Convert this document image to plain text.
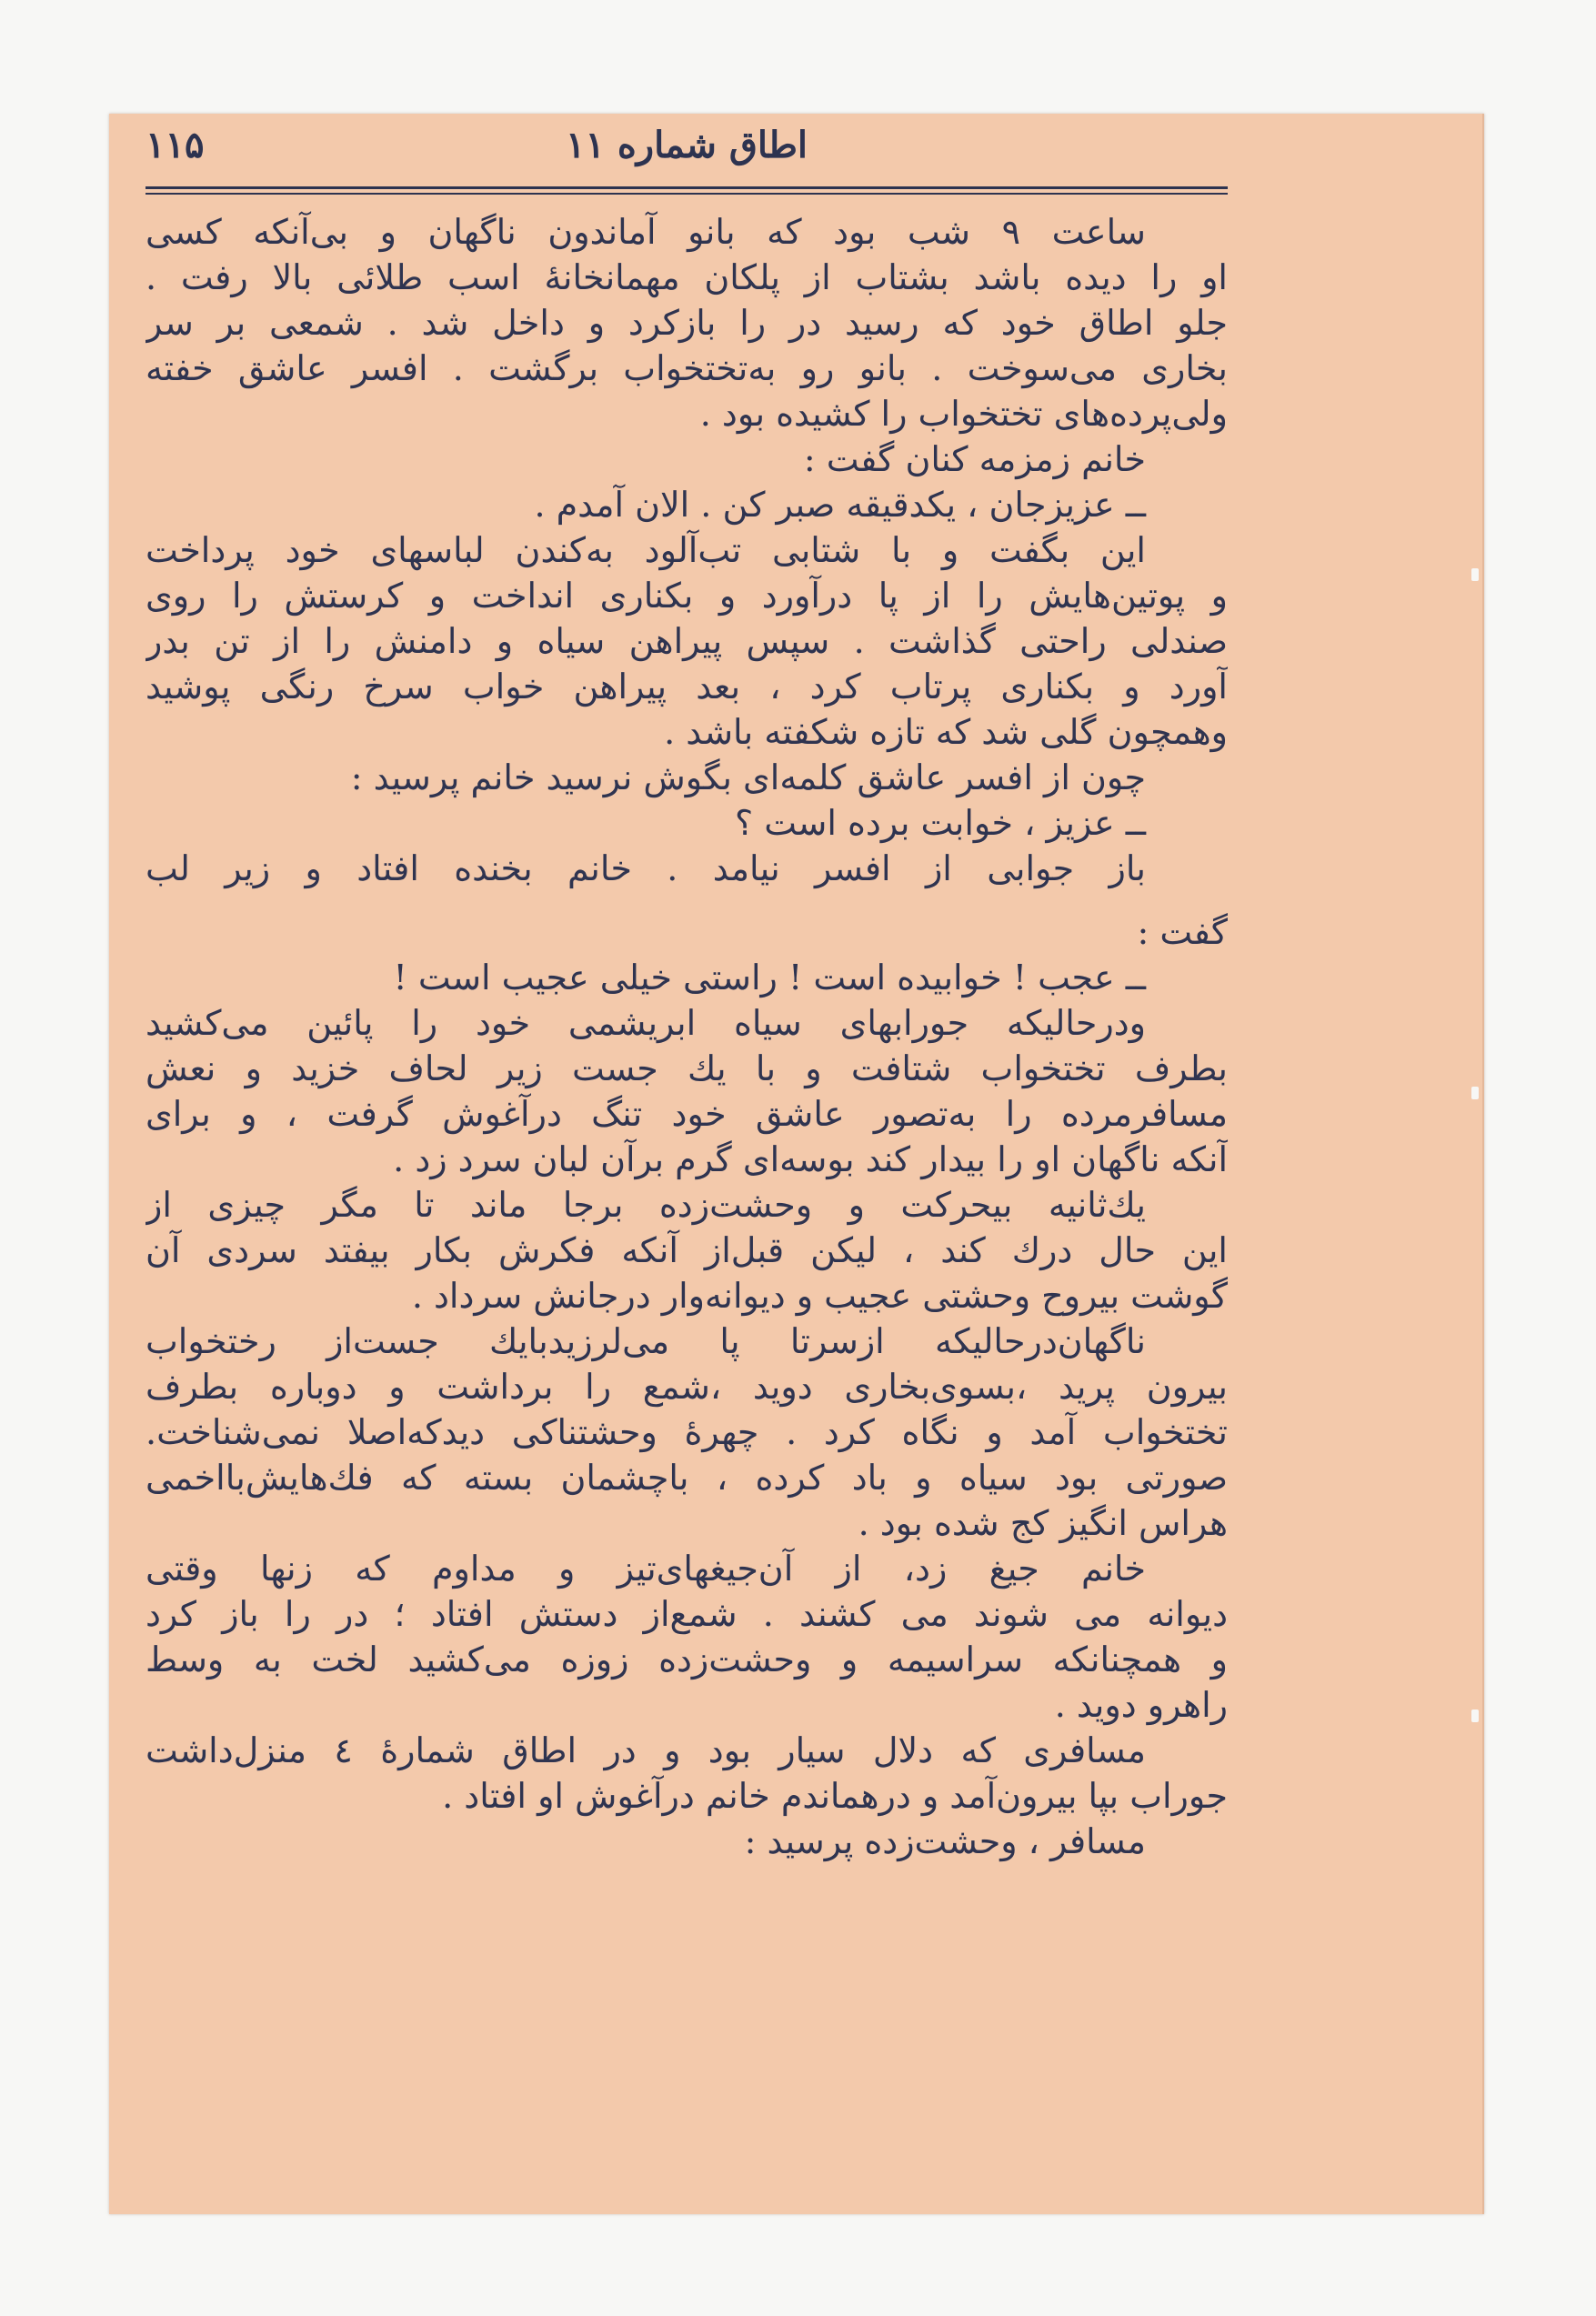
اطاق شماره ۱۱
۱۱۵
ساعت ۹ شب بود که بانو آماندون ناگهان و بی‌آنکه کسی
او را دیده باشد بشتاب از پلکان مهمانخانهٔ اسب طلائی بالا رفت .
جلو اطاق خود که رسید در را بازکرد و داخل شد . شمعی بر سر
بخاری می‌سوخت . بانو رو به‌تختخواب برگشت . افسر عاشق خفته
ولی‌پرده‌های تختخواب را کشیده بود .
خانم زمزمه کنان گفت :
ــ عزیزجان ، یکدقیقه صبر کن . الان آمدم .
این بگفت و با شتابی تب‌آلود به‌کندن لباسهای خود پرداخت
و پوتین‌هایش را از پا درآورد و بکناری انداخت و کرستش را روی
صندلی راحتی گذاشت . سپس پیراهن سیاه و دامنش را از تن بدر
آورد و بکناری پرتاب کرد ، بعد پیراهن خواب سرخ رنگی پوشید
وهمچون گلی شد که تازه شکفته باشد .
چون از افسر عاشق کلمه‌ای بگوش نرسید خانم پرسید :
ــ عزیز ، خوابت برده است ؟
باز جوابی از افسر نیامد . خانم بخنده افتاد و زیر لب
گفت :
ــ عجب ! خوابیده است ! راستی خیلی عجیب است !
ودرحالیکه جورابهای سیاه ابریشمی خود را پائین می‌کشید
بطرف تختخواب شتافت و با یك جست زیر لحاف خزید و نعش
مسافرمرده را به‌تصور عاشق خود تنگ درآغوش گرفت ، و برای
آنکه ناگهان او را بیدار کند بوسه‌ای گرم برآن لبان سرد زد .
یك‌ثانیه بیحرکت و وحشت‌زده برجا ماند تا مگر چیزی از
این حال درك کند ، لیکن قبل‌از آنکه فکرش بکار بیفتد سردی آن
گوشت بیروح وحشتی عجیب و دیوانه‌وار درجانش سرداد .
ناگهان‌درحالیکه ازسرتا پا می‌لرزیدبایك جست‌از رختخواب
بیرون پرید ،بسوی‌بخاری دوید ،شمع را برداشت و دوباره بطرف
تختخواب آمد و نگاه کرد . چهرهٔ وحشتناکی دیدکه‌اصلا نمی‌شناخت.
صورتی بود سیاه و باد کرده ، باچشمان بسته که فك‌هایش‌باا‌خمی
هراس انگیز کج شده بود .
خانم جیغ زد، از آن‌جیغهای‌تیز و مداوم که زنها وقتی
دیوانه می شوند می کشند . شمع‌از دستش افتاد ؛ در را باز کرد
و همچنانکه سراسیمه و وحشت‌زده زوزه می‌کشید لخت به وسط
راهرو دوید .
مسافری که دلال سیار بود و در اطاق شمارهٔ ٤ منزل‌داشت
جوراب بپا بیرون‌آمد و درهماندم خانم درآغوش او افتاد .
مسافر ، وحشت‌زده پرسید :
